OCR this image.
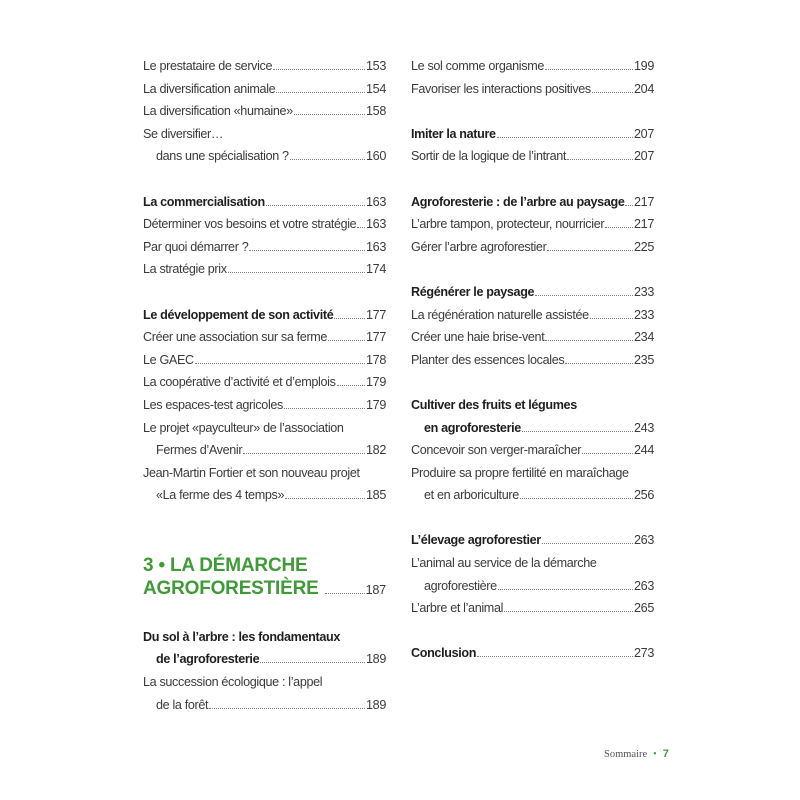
Le prestataire de service	153
La diversification animale	154
La diversification «humaine»	158
Se diversifier…
dans une spécialisation ?	160
La commercialisation	163
Déterminer vos besoins et votre stratégie 163
Par quoi démarrer ?	163
La stratégie prix	174
Le développement de son activité	177
Créer une association sur sa ferme	177
Le GAEC	178
La coopérative d’activité et d’emplois 179
Les espaces-test agricoles	179
Le projet «payculteur» de l’association
Fermes d’Avenir	182
Jean-Martin Fortier et son nouveau projet
«La ferme des 4 temps»	185
3 • LA DÉMARCHE
AGROFORESTIÈRE	187
Du sol à l’arbre : les fondamentaux
de l’agroforesterie	189
La succession écologique : l’appel
de la forêt	189
Le sol comme organisme	199
Favoriser les interactions positives	204
Imiter la nature	207
Sortir de la logique de l’intrant	207
Agroforesterie : de l’arbre au paysage 217
L’arbre tampon, protecteur, nourricier 217
Gérer l’arbre agroforestier	225
Régénérer le paysage	233
La régénération naturelle assistée	233
Créer une haie brise-vent	234
Planter des essences locales	235
Cultiver des fruits et légumes
en agroforesterie	243
Concevoir son verger-maraîcher	244
Produire sa propre fertilité en maraîchage
et en arboriculture	256
L’élevage agroforestier	263
L’animal au service de la démarche
agroforestière	263
L’arbre et l’animal	265
Conclusion	273
Sommaire • 7
